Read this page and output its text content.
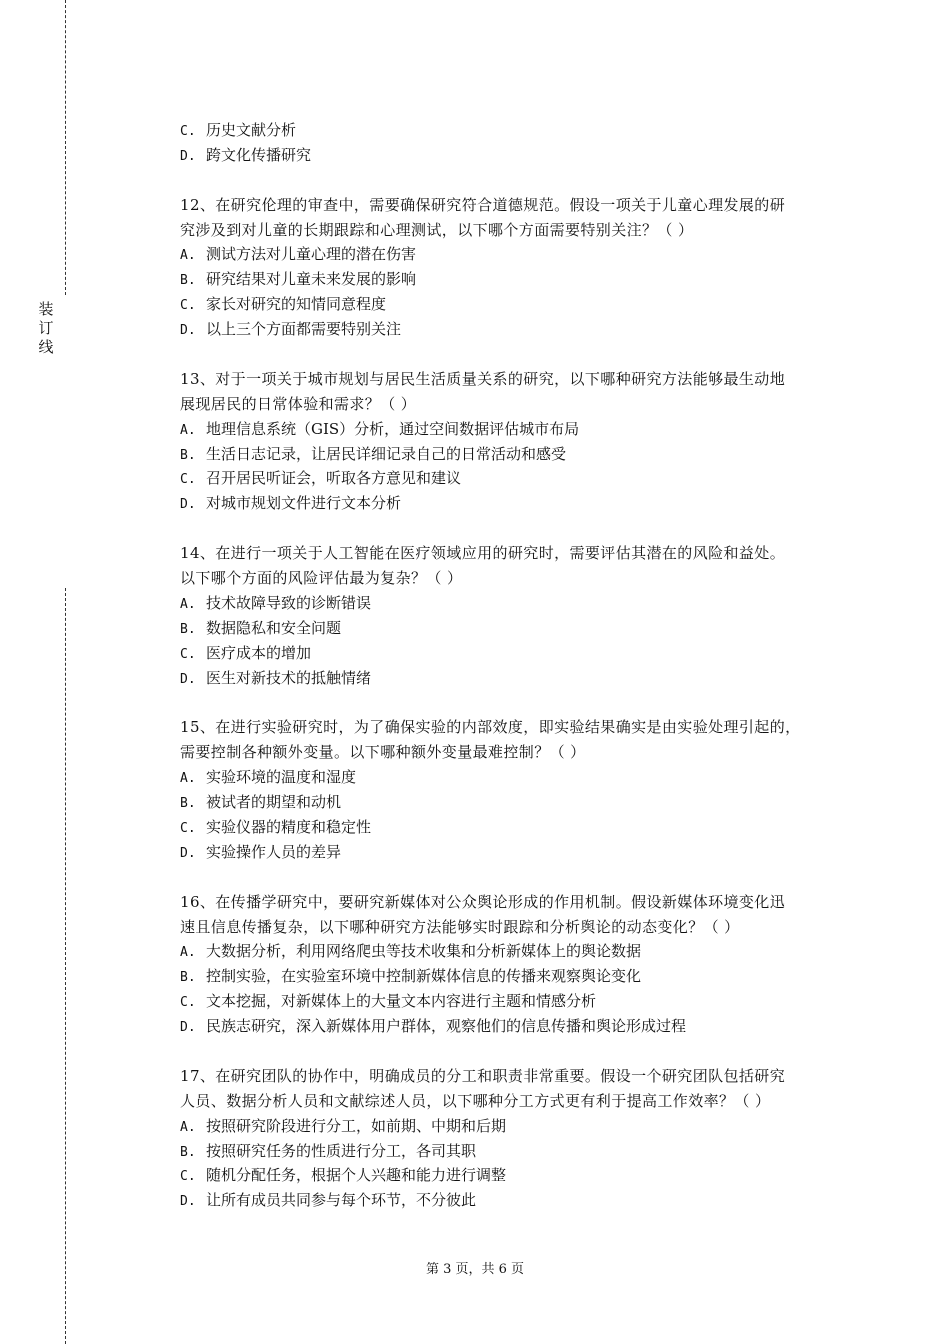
装
订
线
C. 历史文献分析
D. 跨文化传播研究
12、在研究伦理的审查中，需要确保研究符合道德规范。假设一项关于儿童心理发展的研
究涉及到对儿童的长期跟踪和心理测试，以下哪个方面需要特别关注？（ ）
A. 测试方法对儿童心理的潜在伤害
B. 研究结果对儿童未来发展的影响
C. 家长对研究的知情同意程度
D. 以上三个方面都需要特别关注
13、对于一项关于城市规划与居民生活质量关系的研究，以下哪种研究方法能够最生动地
展现居民的日常体验和需求？（ ）
A. 地理信息系统（GIS）分析，通过空间数据评估城市布局
B. 生活日志记录，让居民详细记录自己的日常活动和感受
C. 召开居民听证会，听取各方意见和建议
D. 对城市规划文件进行文本分析
14、在进行一项关于人工智能在医疗领域应用的研究时，需要评估其潜在的风险和益处。
以下哪个方面的风险评估最为复杂？（ ）
A. 技术故障导致的诊断错误
B. 数据隐私和安全问题
C. 医疗成本的增加
D. 医生对新技术的抵触情绪
15、在进行实验研究时，为了确保实验的内部效度，即实验结果确实是由实验处理引起的，
需要控制各种额外变量。以下哪种额外变量最难控制？（ ）
A. 实验环境的温度和湿度
B. 被试者的期望和动机
C. 实验仪器的精度和稳定性
D. 实验操作人员的差异
16、在传播学研究中，要研究新媒体对公众舆论形成的作用机制。假设新媒体环境变化迅
速且信息传播复杂，以下哪种研究方法能够实时跟踪和分析舆论的动态变化？（ ）
A. 大数据分析，利用网络爬虫等技术收集和分析新媒体上的舆论数据
B. 控制实验，在实验室环境中控制新媒体信息的传播来观察舆论变化
C. 文本挖掘，对新媒体上的大量文本内容进行主题和情感分析
D. 民族志研究，深入新媒体用户群体，观察他们的信息传播和舆论形成过程
17、在研究团队的协作中，明确成员的分工和职责非常重要。假设一个研究团队包括研究
人员、数据分析人员和文献综述人员，以下哪种分工方式更有利于提高工作效率？（ ）
A. 按照研究阶段进行分工，如前期、中期和后期
B. 按照研究任务的性质进行分工，各司其职
C. 随机分配任务，根据个人兴趣和能力进行调整
D. 让所有成员共同参与每个环节，不分彼此
第 3 页，共 6 页
